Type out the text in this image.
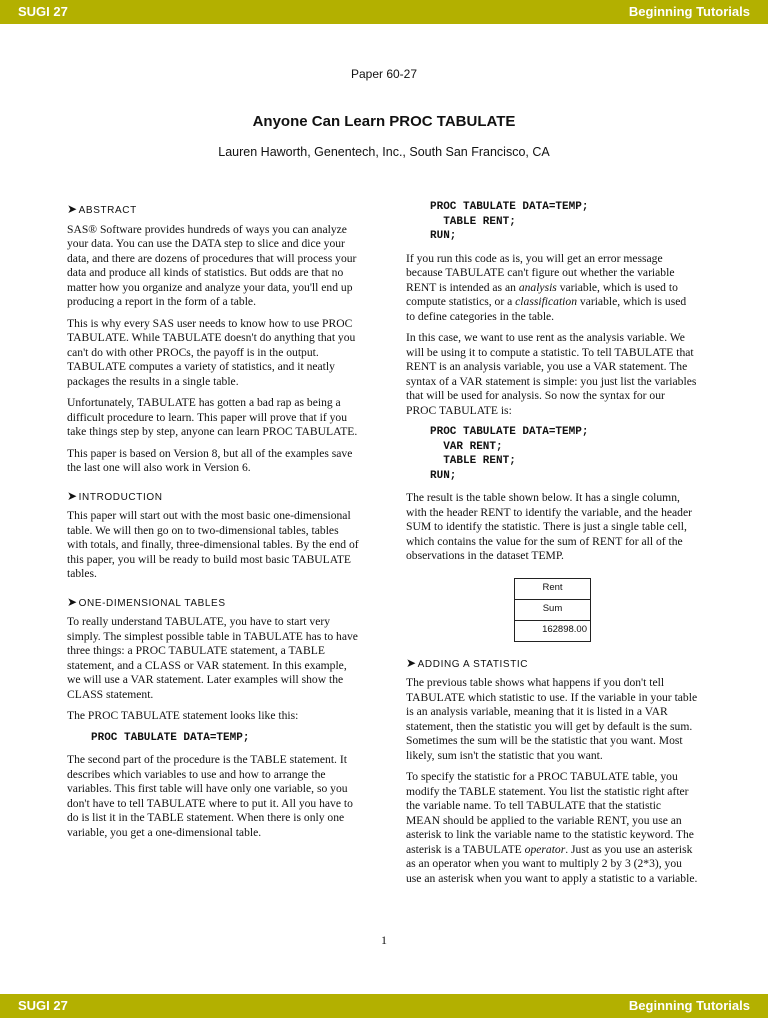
SUGI 27	Beginning Tutorials
Paper 60-27
Anyone Can Learn PROC TABULATE
Lauren Haworth, Genentech, Inc., South San Francisco, CA
➤ABSTRACT

SAS® Software provides hundreds of ways you can analyze your data. You can use the DATA step to slice and dice your data, and there are dozens of procedures that will process your data and produce all kinds of statistics. But odds are that no matter how you organize and analyze your data, you'll end up producing a report in the form of a table.

This is why every SAS user needs to know how to use PROC TABULATE. While TABULATE doesn't do anything that you can't do with other PROCs, the payoff is in the output. TABULATE computes a variety of statistics, and it neatly packages the results in a single table.

Unfortunately, TABULATE has gotten a bad rap as being a difficult procedure to learn. This paper will prove that if you take things step by step, anyone can learn PROC TABULATE.

This paper is based on Version 8, but all of the examples save the last one will also work in Version 6.

➤INTRODUCTION

This paper will start out with the most basic one-dimensional table. We will then go on to two-dimensional tables, tables with totals, and finally, three-dimensional tables. By the end of this paper, you will be ready to build most basic TABULATE tables.

➤ONE-DIMENSIONAL TABLES

To really understand TABULATE, you have to start very simply. The simplest possible table in TABULATE has to have three things: a PROC TABULATE statement, a TABLE statement, and a CLASS or VAR statement. In this example, we will use a VAR statement. Later examples will show the CLASS statement.

The PROC TABULATE statement looks like this:

PROC TABULATE DATA=TEMP;

The second part of the procedure is the TABLE statement. It describes which variables to use and how to arrange the variables. This first table will have only one variable, so you don't have to tell TABULATE where to put it. All you have to do is list it in the TABLE statement. When there is only one variable, you get a one-dimensional table.

PROC TABULATE DATA=TEMP;
TABLE RENT;
RUN;

If you run this code as is, you will get an error message because TABULATE can't figure out whether the variable RENT is intended as an analysis variable, which is used to compute statistics, or a classification variable, which is used to define categories in the table.

In this case, we want to use rent as the analysis variable. We will be using it to compute a statistic. To tell TABULATE that RENT is an analysis variable, you use a VAR statement. The syntax of a VAR statement is simple: you just list the variables that will be used for analysis. So now the syntax for our PROC TABULATE is:

PROC TABULATE DATA=TEMP;
VAR RENT;
TABLE RENT;
RUN;

The result is the table shown below. It has a single column, with the header RENT to identify the variable, and the header SUM to identify the statistic. There is just a single table cell, which contains the value for the sum of RENT for all of the observations in the dataset TEMP.

Rent
Sum
162898.00
➤ADDING A STATISTIC

The previous table shows what happens if you don't tell TABULATE which statistic to use. If the variable in your table is an analysis variable, meaning that it is listed in a VAR statement, then the statistic you will get by default is the sum. Sometimes the sum will be the statistic that you want. Most likely, sum isn't the statistic that you want.

To specify the statistic for a PROC TABULATE table, you modify the TABLE statement. You list the statistic right after the variable name. To tell TABULATE that the statistic MEAN should be applied to the variable RENT, you use an asterisk to link the variable name to the statistic keyword. The asterisk is a TABULATE operator. Just as you use an asterisk as an operator when you want to multiply 2 by 3 (2*3), you use an asterisk when you want to apply a statistic to a variable.

1
SUGI 27	Beginning Tutorials
